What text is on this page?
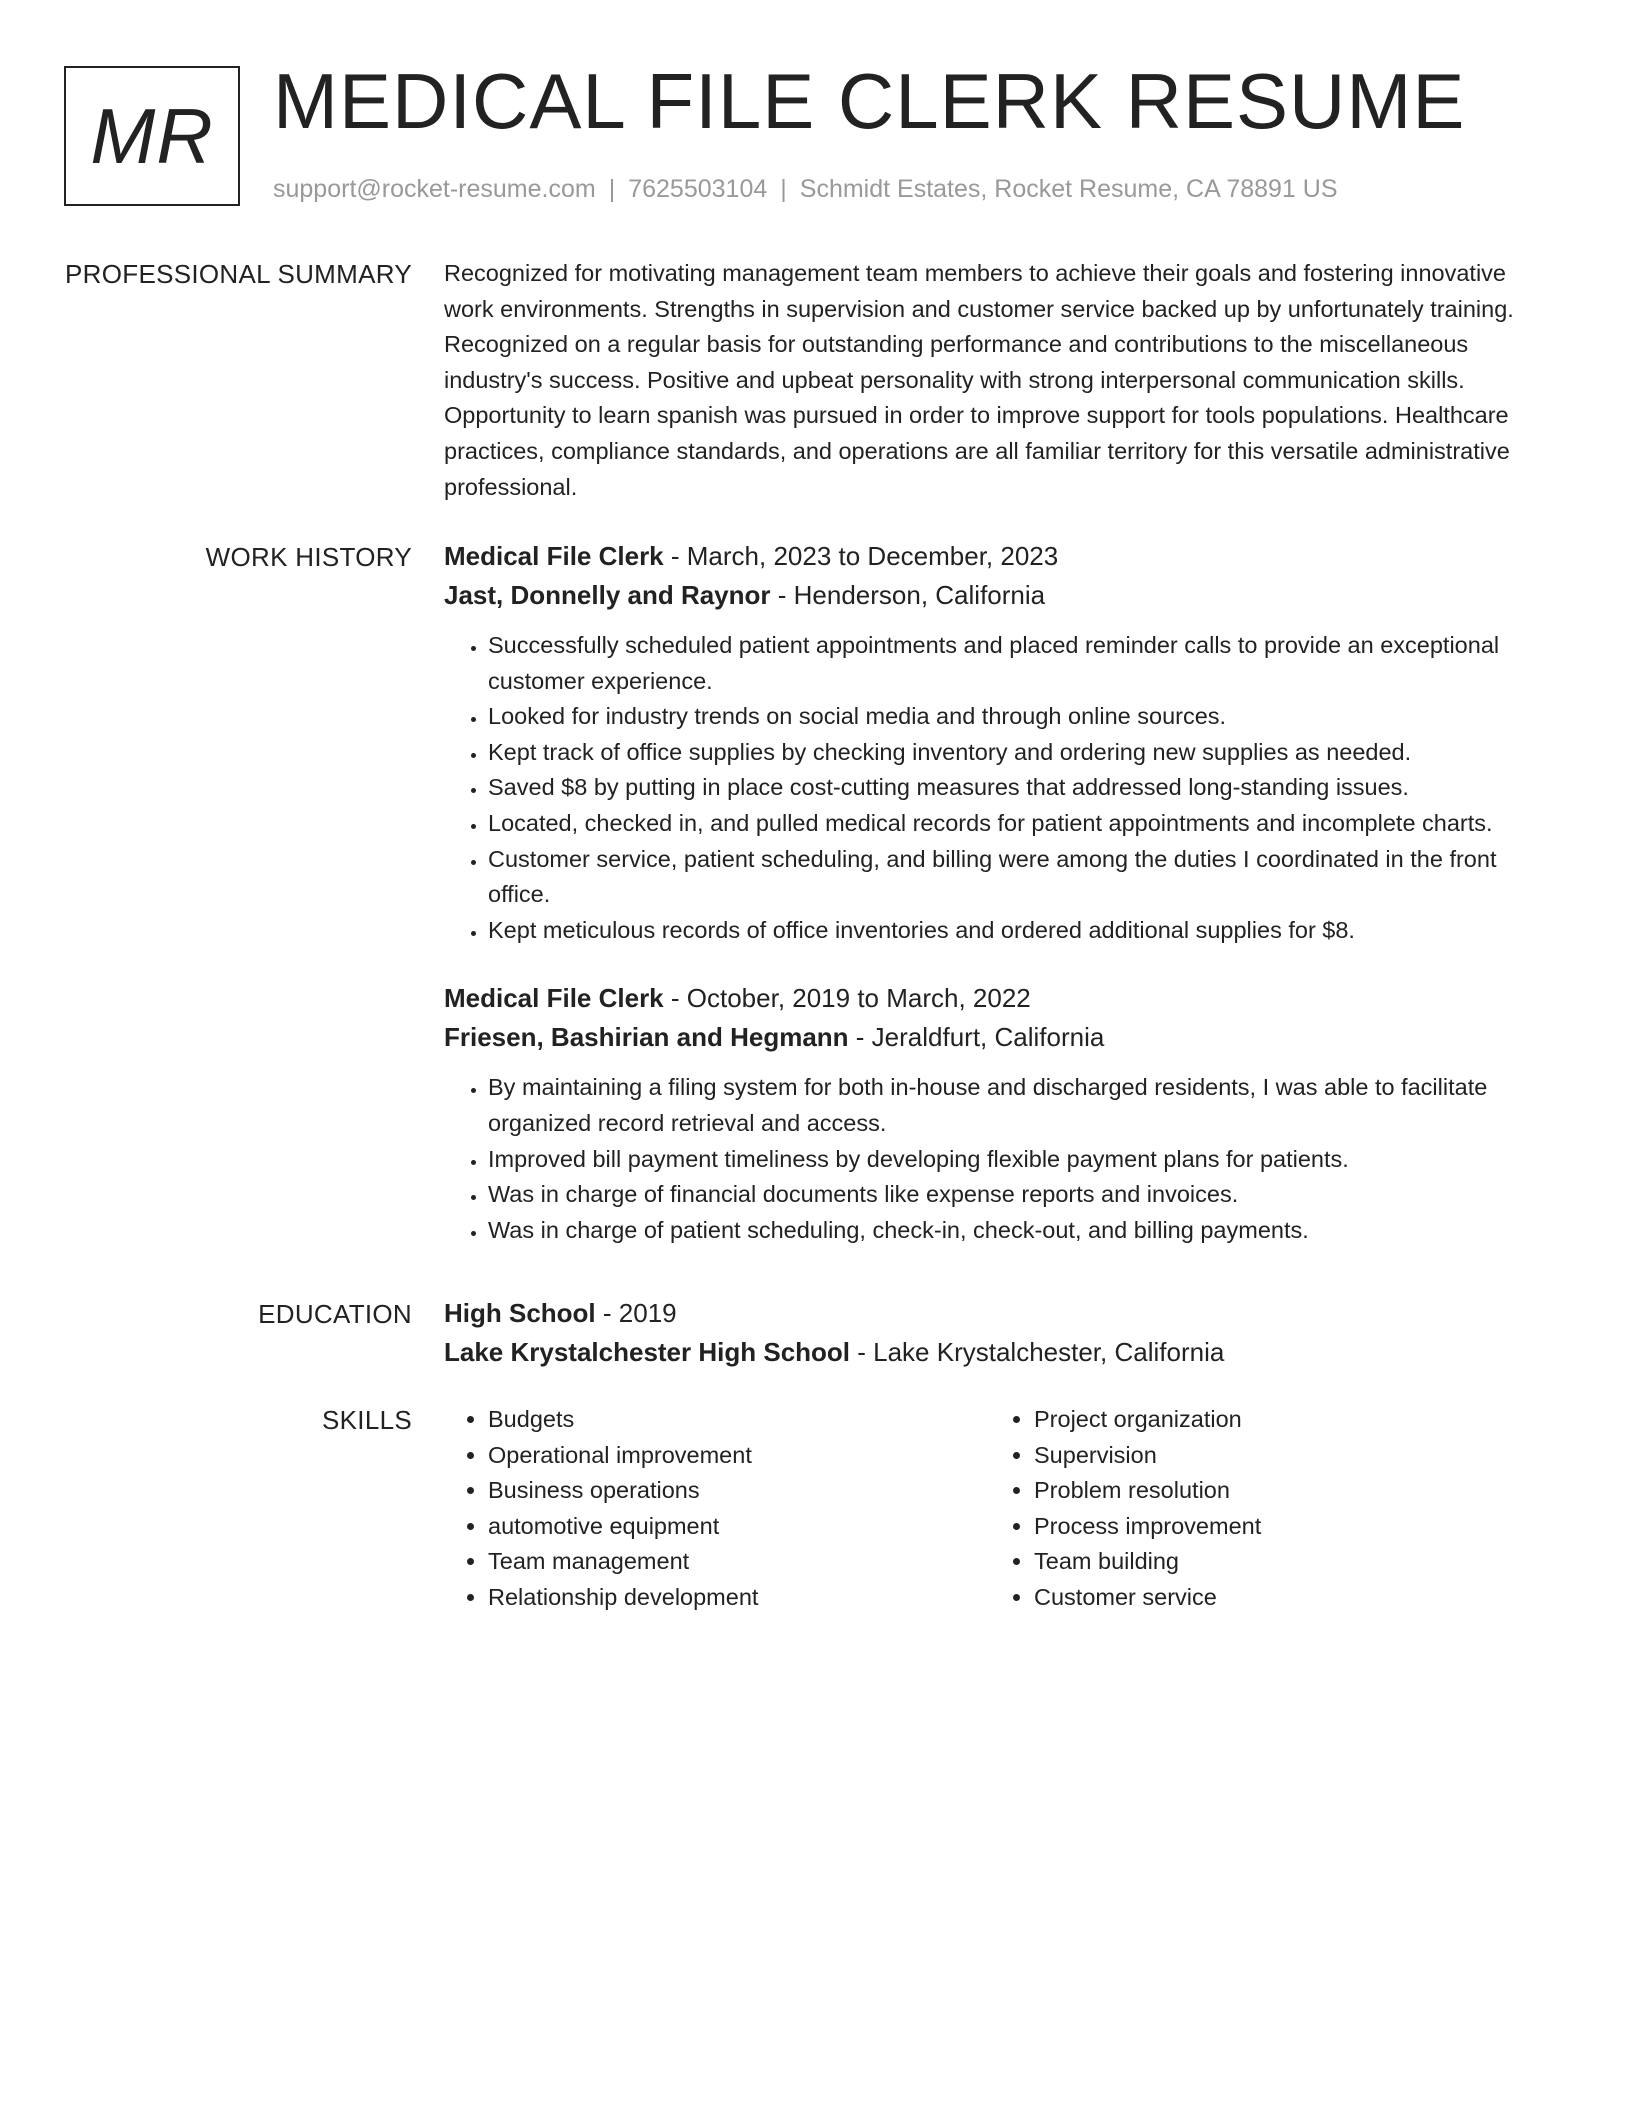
MR MEDICAL FILE CLERK RESUME
support@rocket-resume.com | 7625503104 | Schmidt Estates, Rocket Resume, CA 78891 US
PROFESSIONAL SUMMARY Recognized for motivating management team members to achieve their goals and fostering innovative work environments. Strengths in supervision and customer service backed up by unfortunately training. Recognized on a regular basis for outstanding performance and contributions to the miscellaneous industry's success. Positive and upbeat personality with strong interpersonal communication skills. Opportunity to learn spanish was pursued in order to improve support for tools populations. Healthcare practices, compliance standards, and operations are all familiar territory for this versatile administrative professional.

WORK HISTORY Medical File Clerk - March, 2023 to December, 2023
Jast, Donnelly and Raynor - Henderson, California
• Successfully scheduled patient appointments and placed reminder calls to provide an exceptional customer experience.
• Looked for industry trends on social media and through online sources.
• Kept track of office supplies by checking inventory and ordering new supplies as needed.
• Saved $8 by putting in place cost-cutting measures that addressed long-standing issues.
• Located, checked in, and pulled medical records for patient appointments and incomplete charts.
• Customer service, patient scheduling, and billing were among the duties I coordinated in the front office.
• Kept meticulous records of office inventories and ordered additional supplies for $8.
Medical File Clerk - October, 2019 to March, 2022
Friesen, Bashirian and Hegmann - Jeraldfurt, California
• By maintaining a filing system for both in-house and discharged residents, I was able to facilitate organized record retrieval and access.
• Improved bill payment timeliness by developing flexible payment plans for patients.
• Was in charge of financial documents like expense reports and invoices.
• Was in charge of patient scheduling, check-in, check-out, and billing payments.
EDUCATION High School - 2019
Lake Krystalchester High School - Lake Krystalchester, California
SKILLS
•	Budgets
• Operational improvement
• Business operations
• automotive equipment
• Team management
• Relationship development
• Project organization
• Supervision
• Problem resolution
• Process improvement
• Team building
• Customer service
